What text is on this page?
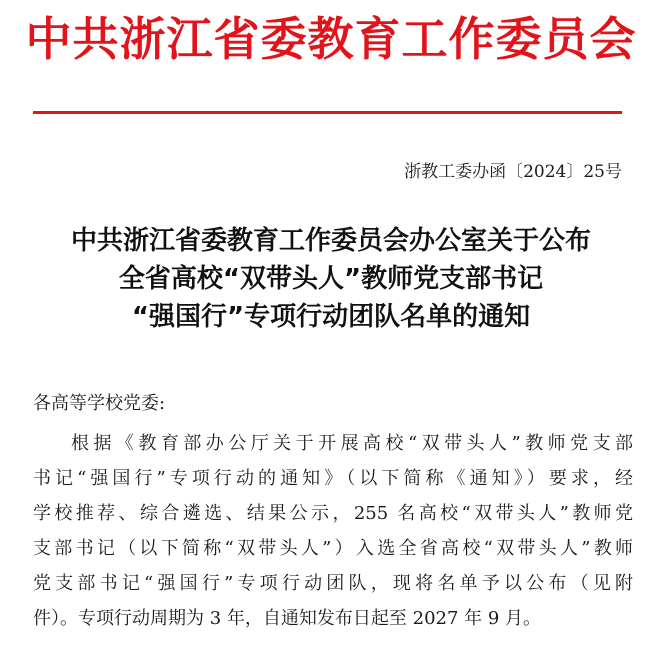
中共浙江省委教育工作委员会
浙教工委办函〔2024〕25号
中共浙江省委教育工作委员会办公室关于公布
全省高校“双带头人”教师党支部书记
“强国行”专项行动团队名单的通知
各高等学校党委:
根据《教育部办公厅关于开展高校“双带头人”教师党支部
书记“强国行”专项行动的通知》（以下简称《通知》）要求，经
学校推荐、综合遴选、结果公示，255 名高校“双带头人”教师党
支部书记（以下简称“双带头人”）入选全省高校“双带头人”教师
党支部书记“强国行”专项行动团队，现将名单予以公布（见附
件）。专项行动周期为 3 年，自通知发布日起至 2027 年 9 月。
